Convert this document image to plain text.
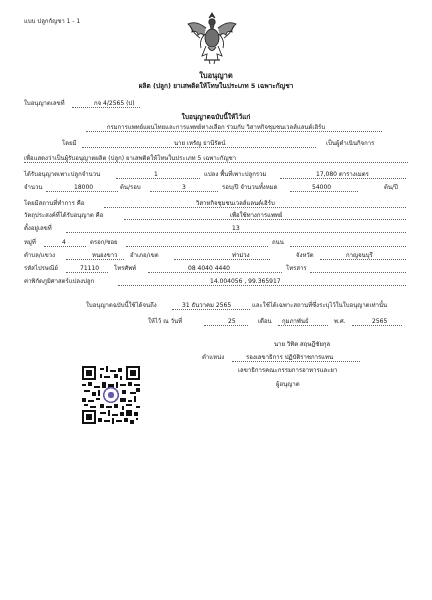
แบบ ปลูกกัญชา 1 - 1
ใบอนุญาต
ผลิต (ปลูก) ยาเสพติดให้โทษในประเภท 5 เฉพาะกัญชา
ใบอนุญาตเลขที่	กจ 4/2565 (ป)
ใบอนุญาตฉบับนี้ให้ไว้แก่
กรมการแพทย์แผนไทยและการแพทย์ทางเลือก ร่วมกับ วิสาหกิจชุมชนเวลส์แลนด์เฮิร์บ
โดยมี	นาย เหรัญ ธานีรัตน์	เป็นผู้ดำเนินกิจการ
เพื่อแสดงว่าเป็นผู้รับอนุญาตผลิต (ปลูก) ยาเสพติดให้โทษในประเภท 5 เฉพาะกัญชา
ได้รับอนุญาตเพาะปลูกจำนวน	1	แปลง พื้นที่เพาะปลูกรวม	17,080 ตารางเมตร
จำนวน	18000	ต้น/รอบ	3	รอบ/ปี จำนวนทั้งหมด	54000	ต้น/ปี
โดยมีสถานที่ทำการ คือ	วิสาหกิจชุมชนเวลส์แลนด์เฮิร์บ
วัตถุประสงค์ที่ได้รับอนุญาต คือ	เพื่อใช้ทางการแพทย์
ตั้งอยู่เลขที่	13
หมู่ที่	4	ตรอก/ซอย	ถนน
ตำบล/แขวง	หนองขาว อำเภอ/เขต	ท่าม่วง	จังหวัด	กาญจนบุรี
รหัสไปรษณีย์	71110 โทรศัพท์	08 4040 4440	โทรสาร
ค่าพิกัดภูมิศาสตร์แปลงปลูก	14.004056 , 99.365917
ใบอนุญาตฉบับนี้ใช้ได้จนถึง	31 ธันวาคม 2565	และใช้ได้เฉพาะสถานที่ซึ่งระบุไว้ในใบอนุญาตเท่านั้น
ให้ไว้ ณ วันที่	25	เดือน กุมภาพันธ์	พ.ศ.	2565
นาย วิทิต สฤษฎีชัยกุล
ตำแหน่ง	รองเลขาธิการ ปฏิบัติราชการแทน
เลขาธิการคณะกรรมการอาหารและยา
ผู้อนุญาต
